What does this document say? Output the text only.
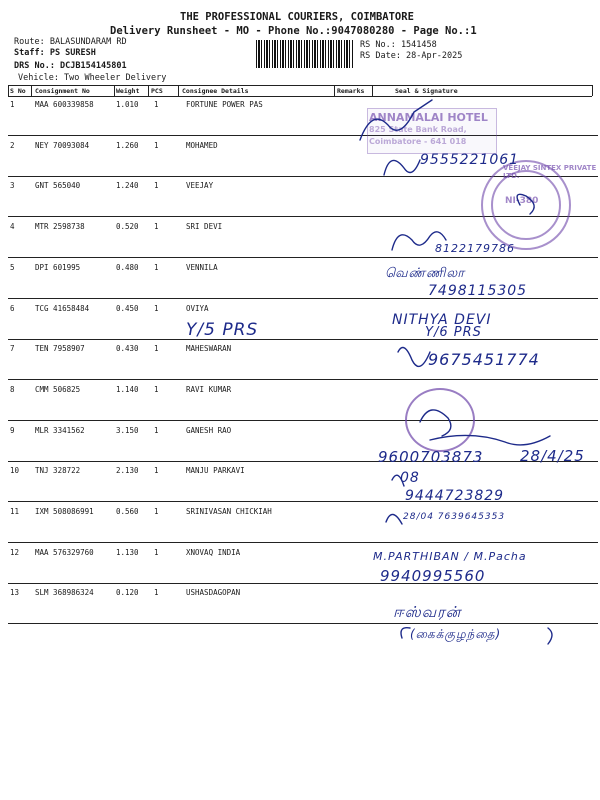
THE PROFESSIONAL COURIERS, COIMBATORE
Delivery Runsheet - MO - Phone No.:9047080280 - Page No.:1
Route: BALASUNDARAM RD
Staff: PS SURESH
DRS No.: DCJB154145801
Vehicle: Two Wheeler Delivery
RS No.: 1541458
RS Date: 28-Apr-2025
S No Consignment No	Weight PCS	Consignee Details	Remarks	Seal & Signature
1	MAA 600339858	1.010 1	FORTUNE POWER PAS
2	NEY 70093084	1.260 1	MOHAMED
3	GNT 565040	1.240 1	VEEJAY
4	MTR 2598738	0.520 1	SRI DEVI
5	DPI 601995	0.480 1	VENNILA
6	TCG 41658484	0.450 1	OVIYA
7	TEN 7958907	0.430 1	MAHESWARAN
8	CMM 506825	1.140 1	RAVI KUMAR
9	MLR 3341562	3.150 1	GANESH RAO
10 TNJ 328722	2.130 1	MANJU PARKAVI
11 IXM 508086991	0.560 1	SRINIVASAN CHICKIAH
12 MAA 576329760	1.130 1	XNOVAQ INDIA
13 SLM 368986324	0.120 1	USHASDAGOPAN
VEEJAY SINTEX PRIVATE LTD.
NI-380
ANNAMALAI HOTEL
825 State Bank Road,
Coimbatore - 641 018
9555221061
8122179786
வெண்ணிலா
7498115305
Y/5 PRS	NITHYA DEVI
Y/6 PRS
9675451774
9600703873 28/4/25
08
9444723829
28/04 7639645353
M.PARTHIBAN / M.Pacha
9940995560
ஈஸ்வரன்
(கைக்குழந்தை)
